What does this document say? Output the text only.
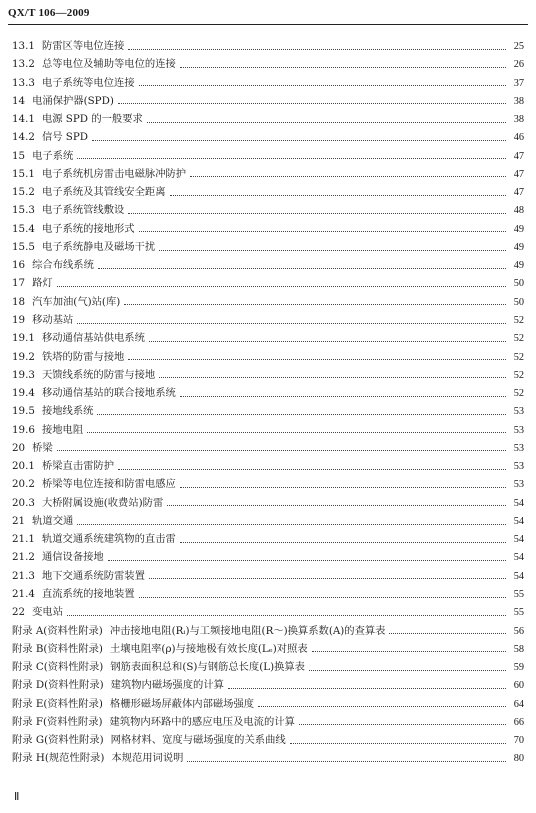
QX/T 106—2009
13.1 防雷区等电位连接	25
13.2 总等电位及辅助等电位的连接	26
13.3 电子系统等电位连接	37
14 电涌保护器(SPD)	38
14.1 电源 SPD 的一般要求	38
14.2 信号 SPD	46
15 电子系统	47
15.1 电子系统机房雷击电磁脉冲防护	47
15.2 电子系统及其管线安全距离	47
15.3 电子系统管线敷设	48
15.4 电子系统的接地形式	49
15.5 电子系统静电及磁场干扰	49
16 综合布线系统	49
17 路灯	50
18 汽车加油(气)站(库)	50
19 移动基站	52
19.1 移动通信基站供电系统	52
19.2 铁塔的防雷与接地	52
19.3 天馈线系统的防雷与接地	52
19.4 移动通信基站的联合接地系统	52
19.5 接地线系统	53
19.6 接地电阻	53
20 桥梁	53
20.1 桥梁直击雷防护	53
20.2 桥梁等电位连接和防雷电感应	53
20.3 大桥附属设施(收费站)防雷	54
21 轨道交通	54
21.1 轨道交通系统建筑物的直击雷	54
21.2 通信设备接地	54
21.3 地下交通系统防雷装置	54
21.4 直流系统的接地装置	55
22 变电站	55
附录 A(资料性附录) 冲击接地电阻(Rᵢ)与工频接地电阻(R～)换算系数(A)的查算表	56
附录 B(资料性附录) 土壤电阻率(ρ)与接地极有效长度(Lₑ)对照表	58
附录 C(资料性附录) 钢筋表面积总和(S)与钢筋总长度(L)换算表	59
附录 D(资料性附录) 建筑物内磁场强度的计算	60
附录 E(资料性附录) 格栅形磁场屏蔽体内部磁场强度	64
附录 F(资料性附录) 建筑物内环路中的感应电压及电流的计算	66
附录 G(资料性附录) 网格材料、宽度与磁场强度的关系曲线	70
附录 H(规范性附录) 本规范用词说明	80
Ⅱ
